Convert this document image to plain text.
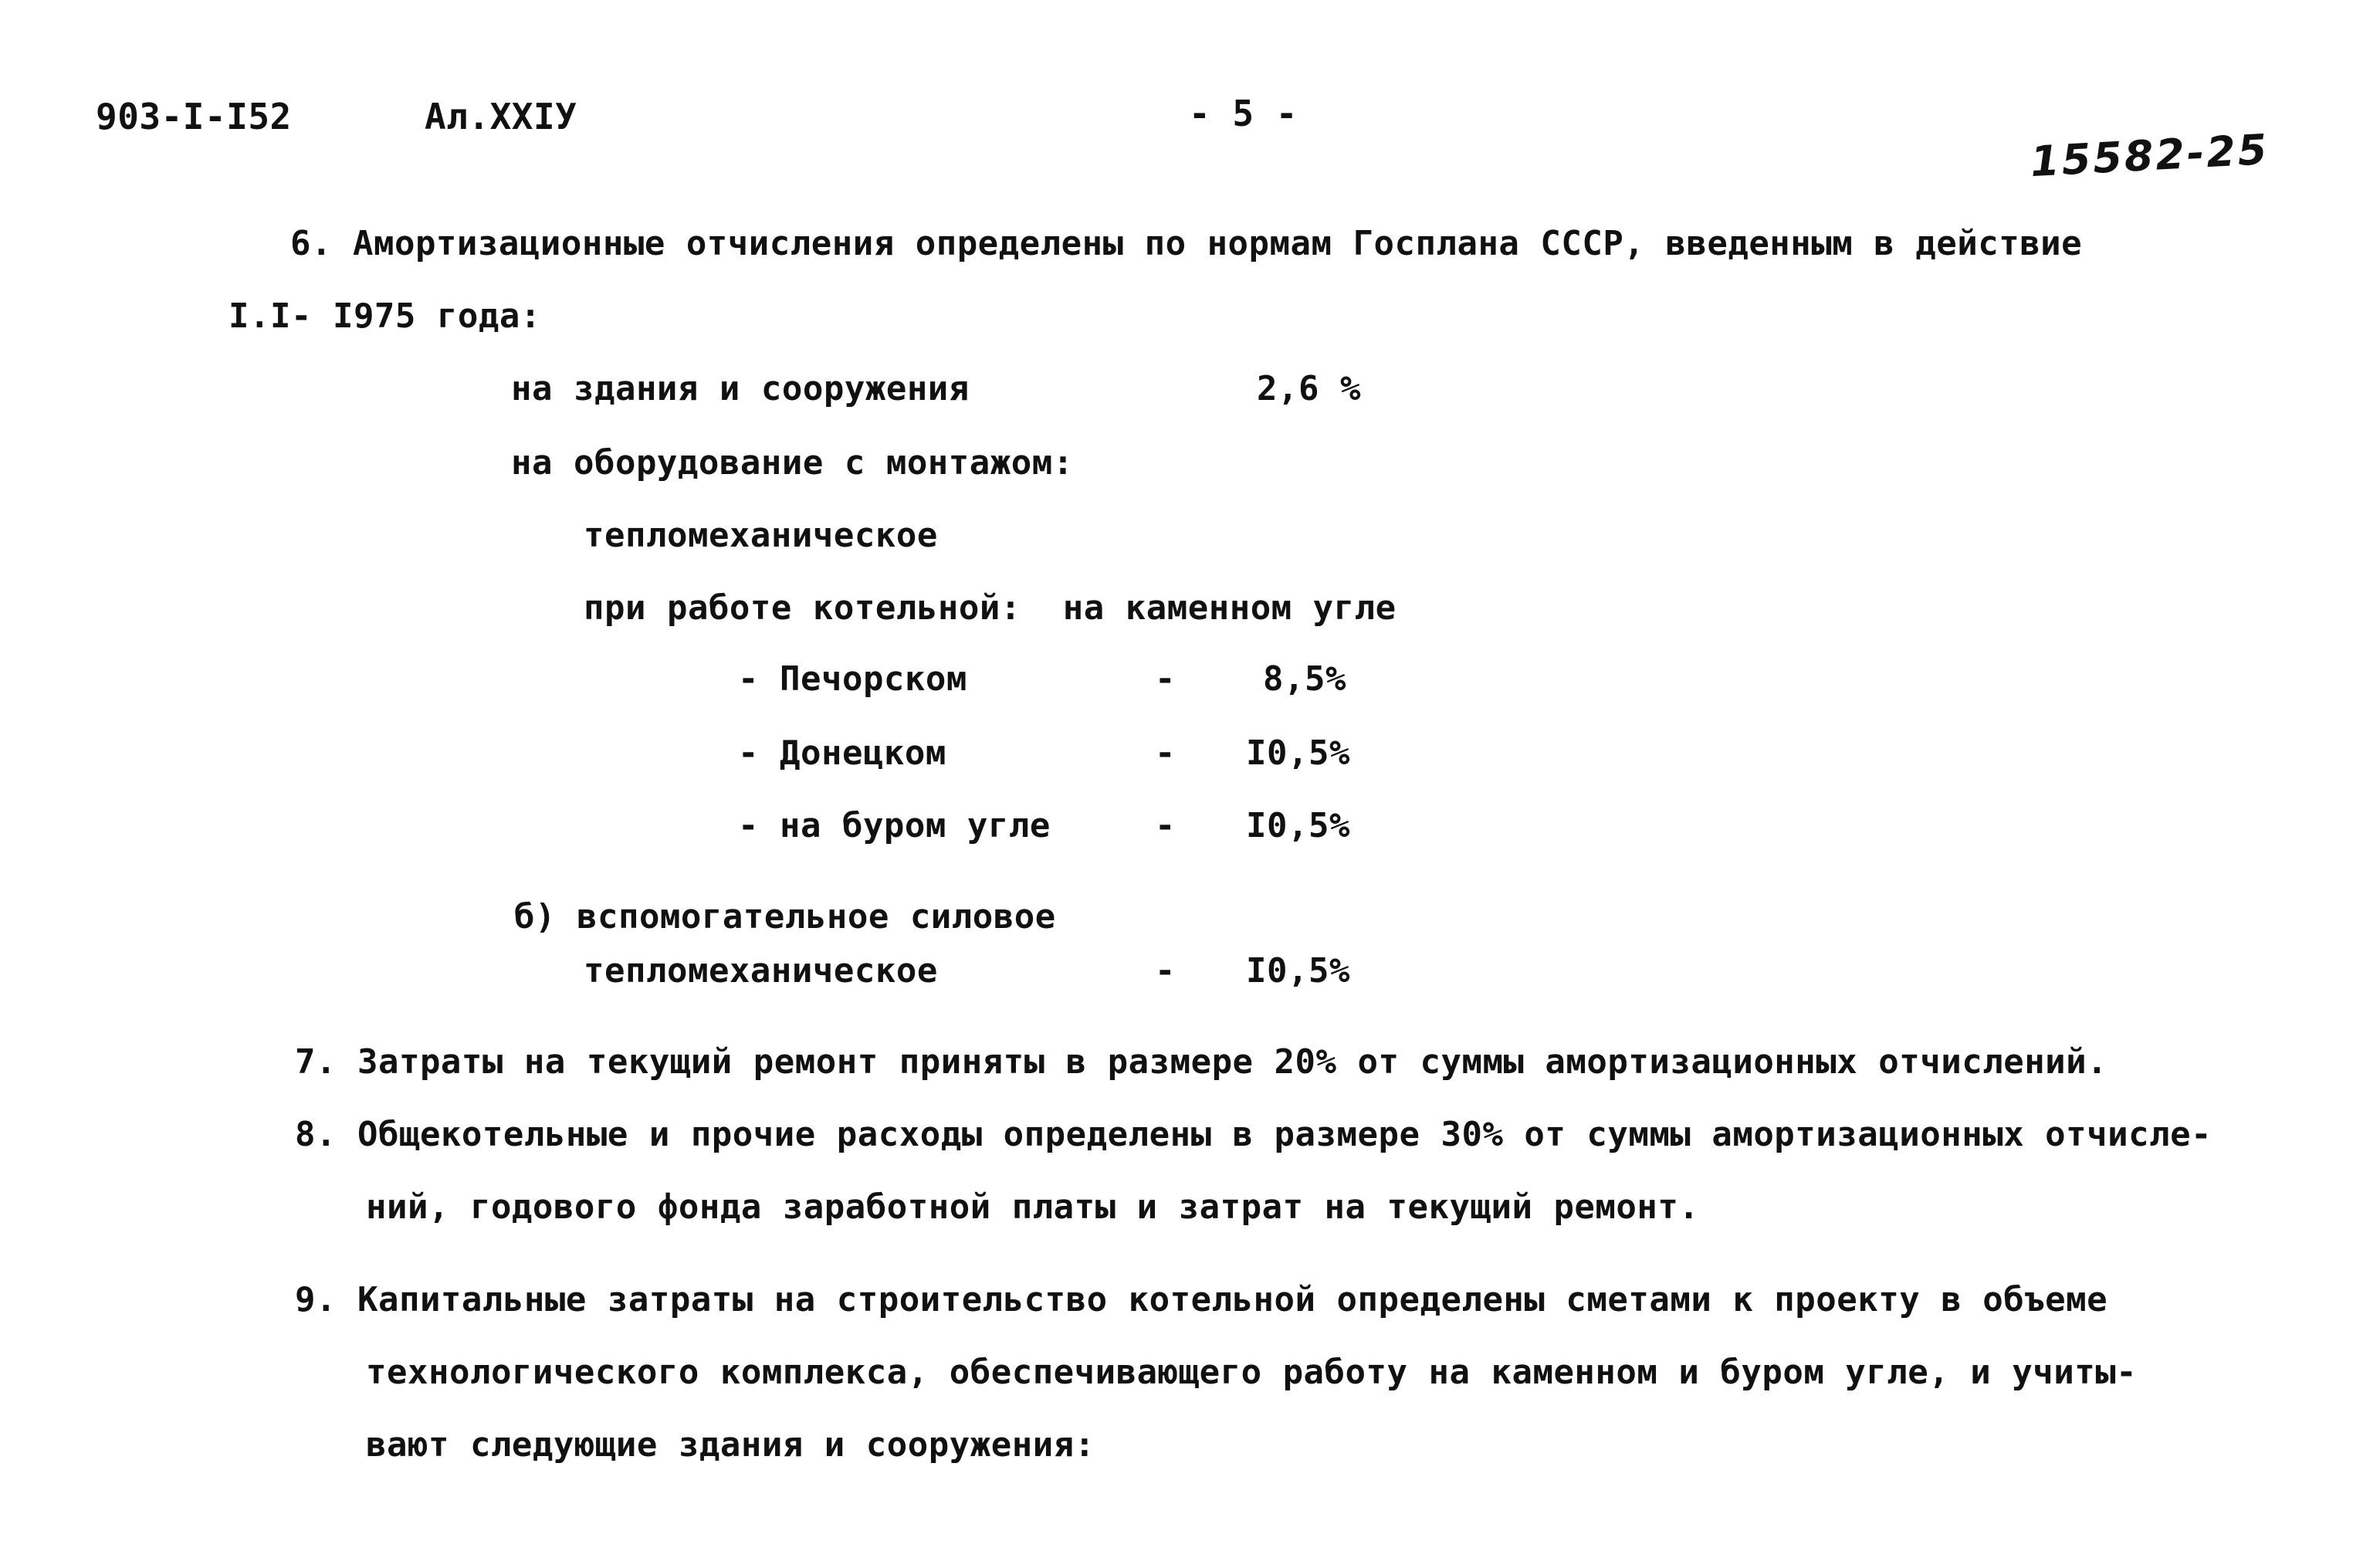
903-I-I52	Ал.XXIУ	- 5 -
15582-25
6. Амортизационные отчисления определены по нормам Госплана СССР, введенным в действие
I.I- I975 года:
на здания и сооружения	2,6 %
на оборудование с монтажом:
тепломеханическое
при работе котельной:  на каменном угле
- Печорском	-	8,5%
- Донецком	- I0,5%
- на буром угле	- I0,5%
б) вспомогательное силовое
тепломеханическое	- I0,5%
7. Затраты на текущий ремонт приняты в размере 20% от суммы амортизационных отчислений.
8. Общекотельные и прочие расходы определены в размере 30% от суммы амортизационных отчисле-
ний, годового фонда заработной платы и затрат на текущий ремонт.
9. Капитальные затраты на строительство котельной определены сметами к проекту в объеме
технологического комплекса, обеспечивающего работу на каменном и буром угле, и учиты-
вают следующие здания и сооружения:
